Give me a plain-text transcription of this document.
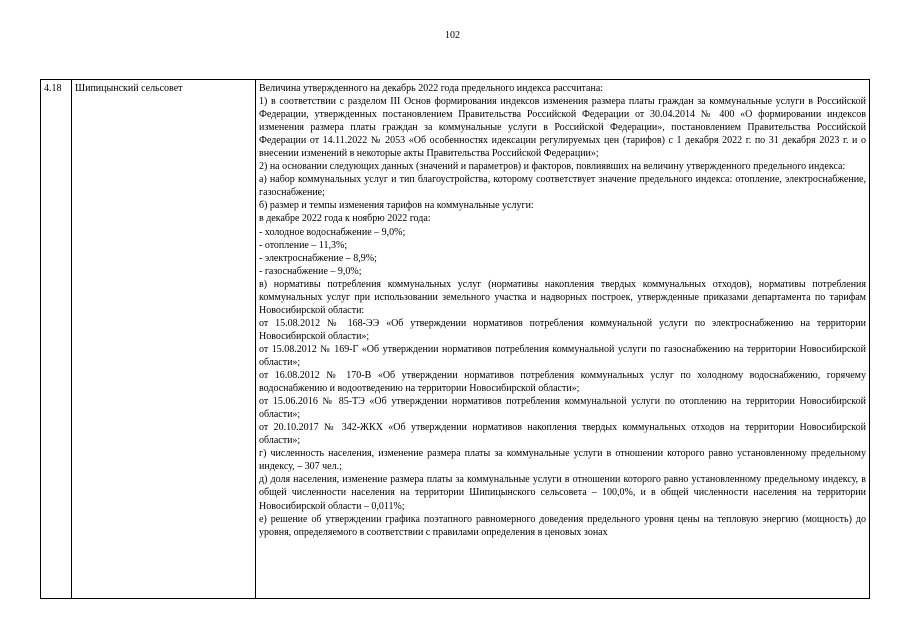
102
4.18	Шипицынский сельсовет	Величина утвержденного на декабрь 2022 года предельного индекса рассчитана:
1) в соответствии с разделом III Основ формирования индексов изменения размера платы граждан за коммунальные услуги в Российской Федерации, утвержденных постановлением Правительства Российской Федерации от 30.04.2014 № 400 «О формировании индексов изменения размера платы граждан за коммунальные услуги в Российской Федерации», постановлением Правительства Российской Федерации от 14.11.2022 № 2053 «Об особенностях идексации регулируемых цен (тарифов) с 1 декабря 2022 г. по 31 декабря 2023 г. и о внесении изменений в некоторые акты Правительства Российской Федерации»;
2) на основании следующих данных (значений и параметров) и факторов, повлиявших на величину утвержденного предельного индекса:
а) набор коммунальных услуг и тип благоустройства, которому соответствует значение предельного индекса: отопление, электроснабжение, газоснабжение;
б) размер и темпы изменения тарифов на коммунальные услуги:
в декабре 2022 года к ноябрю 2022 года:
- холодное водоснабжение – 9,0%;
- отопление – 11,3%;
- электроснабжение – 8,9%;
- газоснабжение – 9,0%;
в) нормативы потребления коммунальных услуг (нормативы накопления твердых коммунальных отходов), нормативы потребления коммунальных услуг при использовании земельного участка и надворных построек, утвержденные приказами департамента по тарифам Новосибирской области:
от 15.08.2012 № 168-ЭЭ «Об утверждении нормативов потребления коммунальной услуги по электроснабжению на территории Новосибирской области»;
от 15.08.2012 № 169-Г «Об утверждении нормативов потребления коммунальной услуги по газоснабжению на территории Новосибирской области»;
от 16.08.2012 № 170-В «Об утверждении нормативов потребления коммунальных услуг по холодному водоснабжению, горячему водоснабжению и водоотведению на территории Новосибирской области»;
от 15.06.2016 № 85-ТЭ «Об утверждении нормативов потребления коммунальной услуги по отоплению на территории Новосибирской области»;
от 20.10.2017 № 342-ЖКХ «Об утверждении нормативов накопления твердых коммунальных отходов на территории Новосибирской области»;
г) численность населения, изменение размера платы за коммунальные услуги в отношении которого равно установленному предельному индексу, – 307 чел.;
д) доля населения, изменение размера платы за коммунальные услуги в отношении которого равно установленному предельному индексу, в общей численности населения на территории Шипицынского сельсовета – 100,0%, и в общей численности населения на территории Новосибирской области – 0,011%;
е) решение об утверждении графика поэтапного равномерного доведения предельного уровня цены на тепловую энергию (мощность) до уровня, определяемого в соответствии с правилами определения в ценовых зонах
